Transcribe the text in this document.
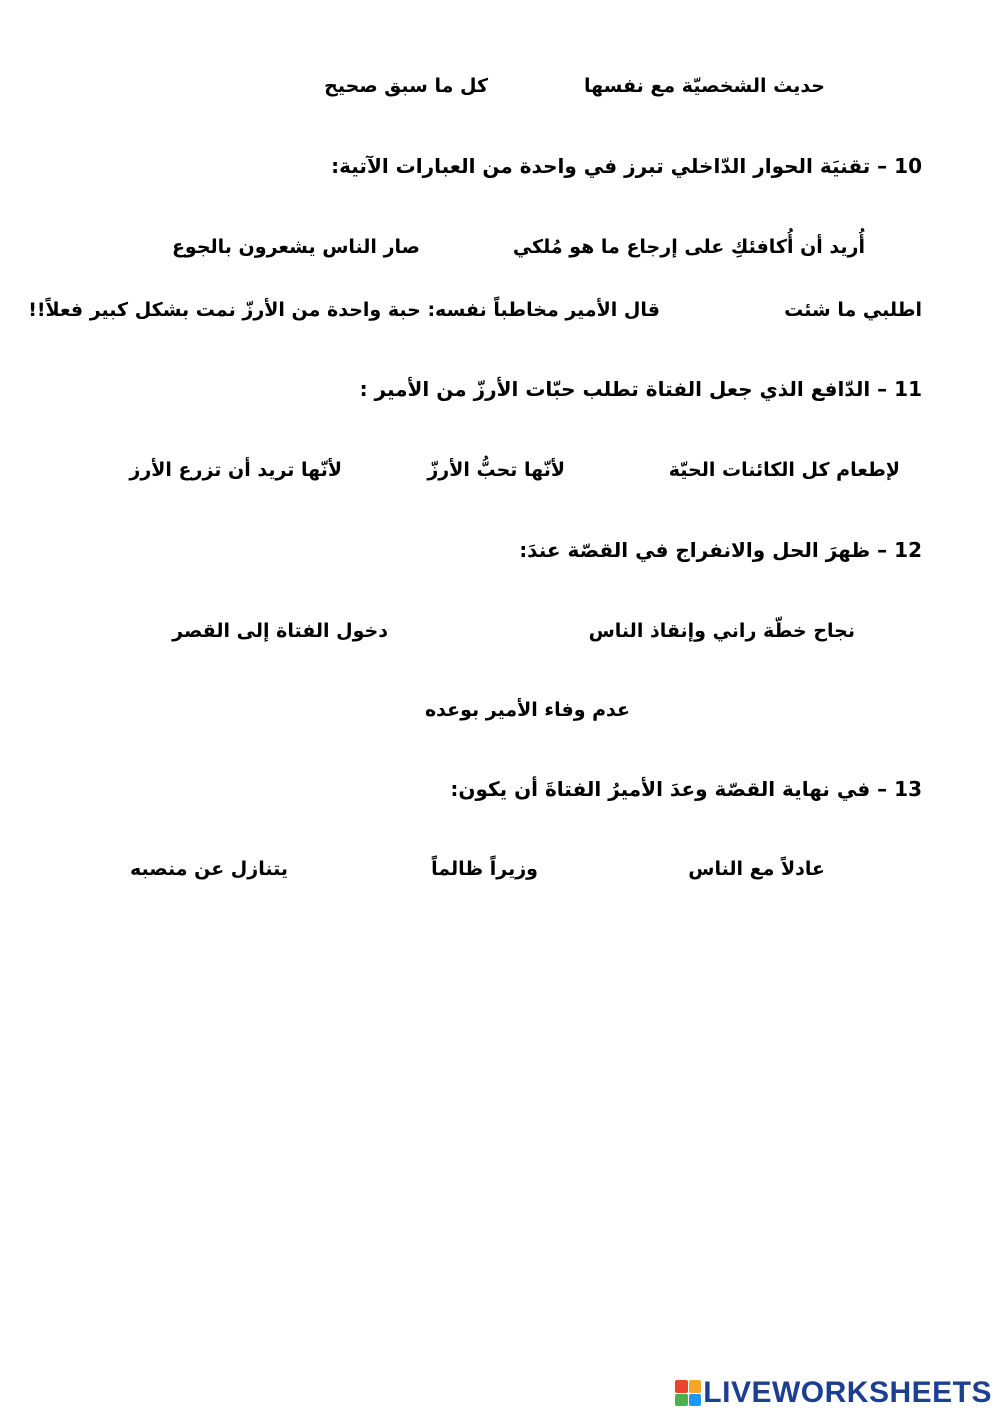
حديث الشخصيّة مع نفسها
كل ما سبق صحيح
10 – تقنيَة الحوار الدّاخلي تبرز في واحدة من العبارات الآتية:
أُريد أن أُكافئكِ على إرجاع ما هو مُلكي
صار الناس يشعرون بالجوع
اطلبي ما شئت
قال الأمير مخاطباً نفسه: حبة واحدة من الأرزّ نمت بشكل كبير فعلاً!!
11 – الدّافع الذي جعل الفتاة تطلب حبّات الأرزّ من الأمير :
لإطعام كل الكائنات الحيّة
لأنّها تحبُّ الأرزّ
لأنّها تريد أن تزرع الأرز
12 – ظهرَ الحل والانفراج في القصّة عندَ:
نجاح خطّة راني وإنقاذ الناس
دخول الفتاة إلى القصر
عدم وفاء الأمير بوعده
13 – في نهاية القصّة وعدَ الأميرُ الفتاةَ أن يكون:
عادلاً مع الناس
وزيراً ظالماً
يتنازل عن منصبه
LIVEWORKSHEETS
